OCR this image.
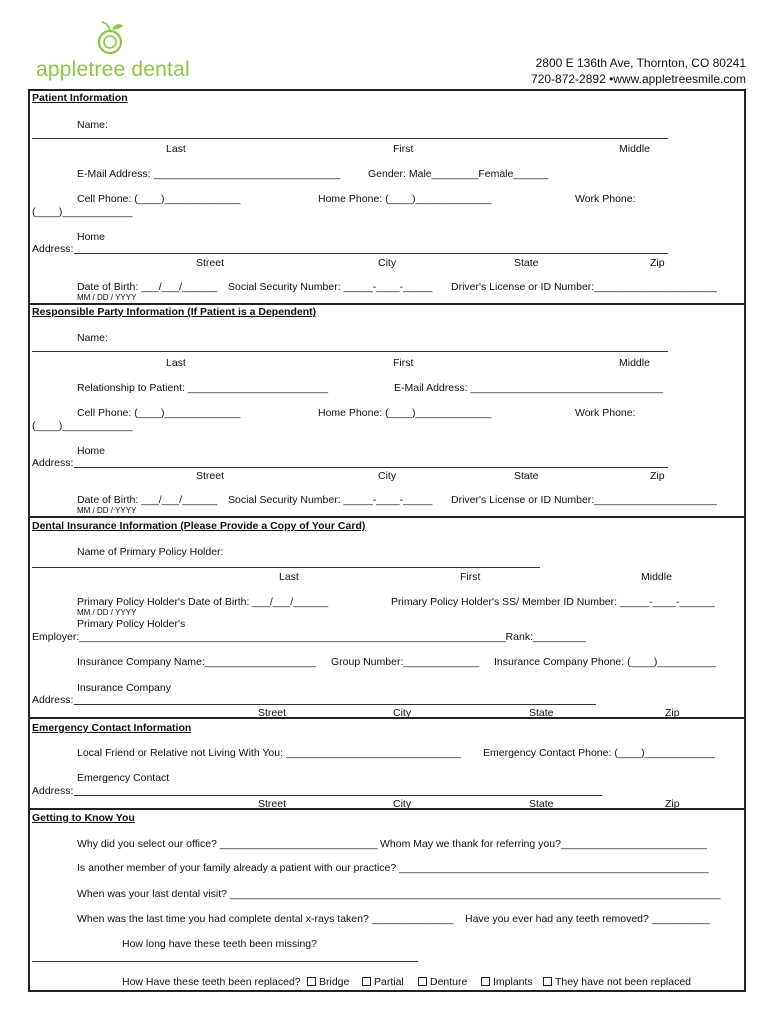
appletree dental	2800 E 136th Ave, Thornton, CO 80241
720-872-2892 •www.appletreesmile.com
Patient Information
Name:
Last	First	Middle
E-Mail Address: ________________________________	Gender: Male________Female______
Cell Phone: (____)_____________	Home Phone: (____)_____________	Work Phone:
(____)____________
Home
Address:
Street	City	State	Zip
Date of Birth: ___/___/______ Social Security Number: _____-____-_____ Driver's License or ID Number:_____________________
MM / DD / YYYY
Responsible Party Information (If Patient is a Dependent)
Name:
Last	First	Middle
Relationship to Patient: ________________________	E-Mail Address: _________________________________
Cell Phone: (____)_____________	Home Phone: (____)_____________	Work Phone:
(____)____________
Home
Address:
Street	City	State	Zip
Date of Birth: ___/___/______ Social Security Number: _____-____-_____ Driver's License or ID Number:_____________________
MM / DD / YYYY
Dental Insurance Information (Please Provide a Copy of Your Card)
Name of Primary Policy Holder:
Last	First	Middle
Primary Policy Holder's Date of Birth: ___/___/______	Primary Policy Holder's SS/ Member ID Number: _____-____-______
MM / DD / YYYY
Primary Policy Holder's
Employer:_________________________________________________________________________Rank:_________
Insurance Company Name:___________________ Group Number:_____________ Insurance Company Phone: (____)__________
Insurance Company
Address:
Street	City	State	Zip
Emergency Contact Information
Local Friend or Relative not Living With You: ______________________________ Emergency Contact Phone: (____)____________
Emergency Contact
Address:
Street	City	State	Zip
Getting to Know You
Why did you select our office? ___________________________ Whom May we thank for referring you?_________________________
Is another member of your family already a patient with our practice? _____________________________________________________
When was your last dental visit? ____________________________________________________________________________________
When was the last time you had complete dental x-rays taken? ______________ Have you ever had any teeth removed? __________
How long have these teeth been missing?
How Have these teeth been replaced?	Bridge	Partial	Denture	Implants	They have not been replaced
